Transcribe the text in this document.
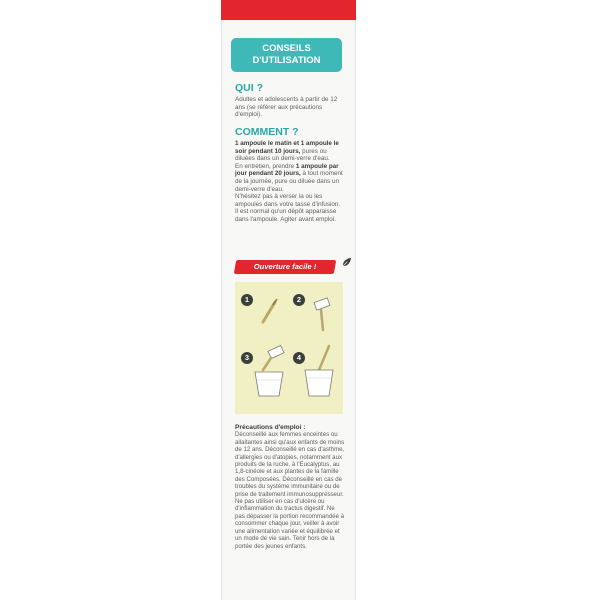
CONSEILS
D'UTILISATION
QUI ?
Adultes et adolescents à partir de 12 ans (se référer aux précautions d'emploi).
COMMENT ?
1 ampoule le matin et 1 ampoule le soir pendant 10 jours, pures ou diluées dans un demi-verre d'eau.
En entretien, prendre 1 ampoule par jour pendant 20 jours, à tout moment de la journée, pure ou diluée dans un demi-verre d'eau.
N'hésitez pas à verser la ou les ampoules dans votre tasse d'infusion. Il est normal qu'un dépôt apparaisse dans l'ampoule. Agiter avant emploi.
Ouverture facile !
1	2
3	4
Précautions d'emploi :
Déconseillé aux femmes enceintes ou allaitantes ainsi qu'aux enfants de moins de 12 ans. Déconseillé en cas d'asthme, d'allergies ou d'atopies, notamment aux produits de la ruche, à l'Eucalyptus, au 1,8-cinéole et aux plantes de la famille des Composées. Déconseillé en cas de troubles du système immunitaire ou de prise de traitement immunosuppresseur. Ne pas utiliser en cas d'ulcère ou d'inflammation du tractus digestif. Ne pas dépasser la portion recommandée à consommer chaque jour, veiller à avoir une alimentation variée et équilibrée et un mode de vie sain. Tenir hors de la portée des jeunes enfants.
